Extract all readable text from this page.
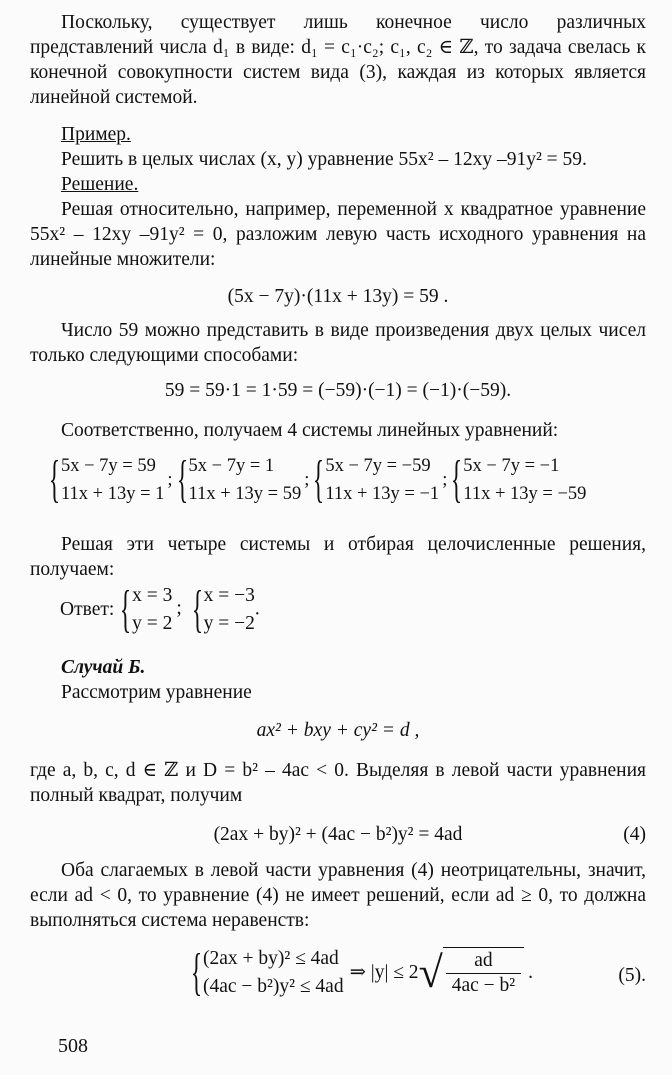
Поскольку, существует лишь конечное число различных представлений числа d₁ в виде: d₁ = c₁·c₂; c₁, c₂ ∈ ℤ, то задача свелась к конечной совокупности систем вида (3), каждая из которых является линейной системой.

Пример.

Решить в целых числах (x, y) уравнение 55x² – 12xy –91y² = 59.

Решение.

Решая относительно, например, переменной x квадратное уравнение 55x² – 12xy –91y² = 0, разложим левую часть исходного уравнения на линейные множители:

(5x − 7y)·(11x + 13y) = 59 .

Число 59 можно представить в виде произведения двух целых чисел только следующими способами:

59 = 59·1 = 1·59 = (−59)·(−1) = (−1)·(−59).

Соответственно, получаем 4 системы линейных уравнений:

{ 5x − 7y = 59
11x + 13y = 1
; { 5x − 7y = 1
11x + 13y = 59
; { 5x − 7y = −59
11x + 13y = −1
; { 5x − 7y = −1
11x + 13y = −59

Решая эти четыре системы и отбирая целочисленные решения, получаем:

Ответ: { x = 3
y = 2
; { x = −3
y = −2
.

Случай Б.

Рассмотрим уравнение

ax² + bxy + cy² = d ,

где a, b, c, d ∈ ℤ и D = b² – 4ac < 0. Выделяя в левой части уравнения полный квадрат, получим

(2ax + by)² + (4ac − b²)y² = 4ad	(4)

Оба слагаемых в левой части уравнения (4) неотрицательны, значит, если ad < 0, то уравнение (4) не имеет решений, если ad ≥ 0, то должна выполняться система неравенств:

{ (2ax + by)² ≤ 4ad
(4ac − b²)y² ≤ 4ad
⇒ |y| ≤ 2 √ $\frac{ad}{\text{4ac − b²}}$ .	(5).
508
